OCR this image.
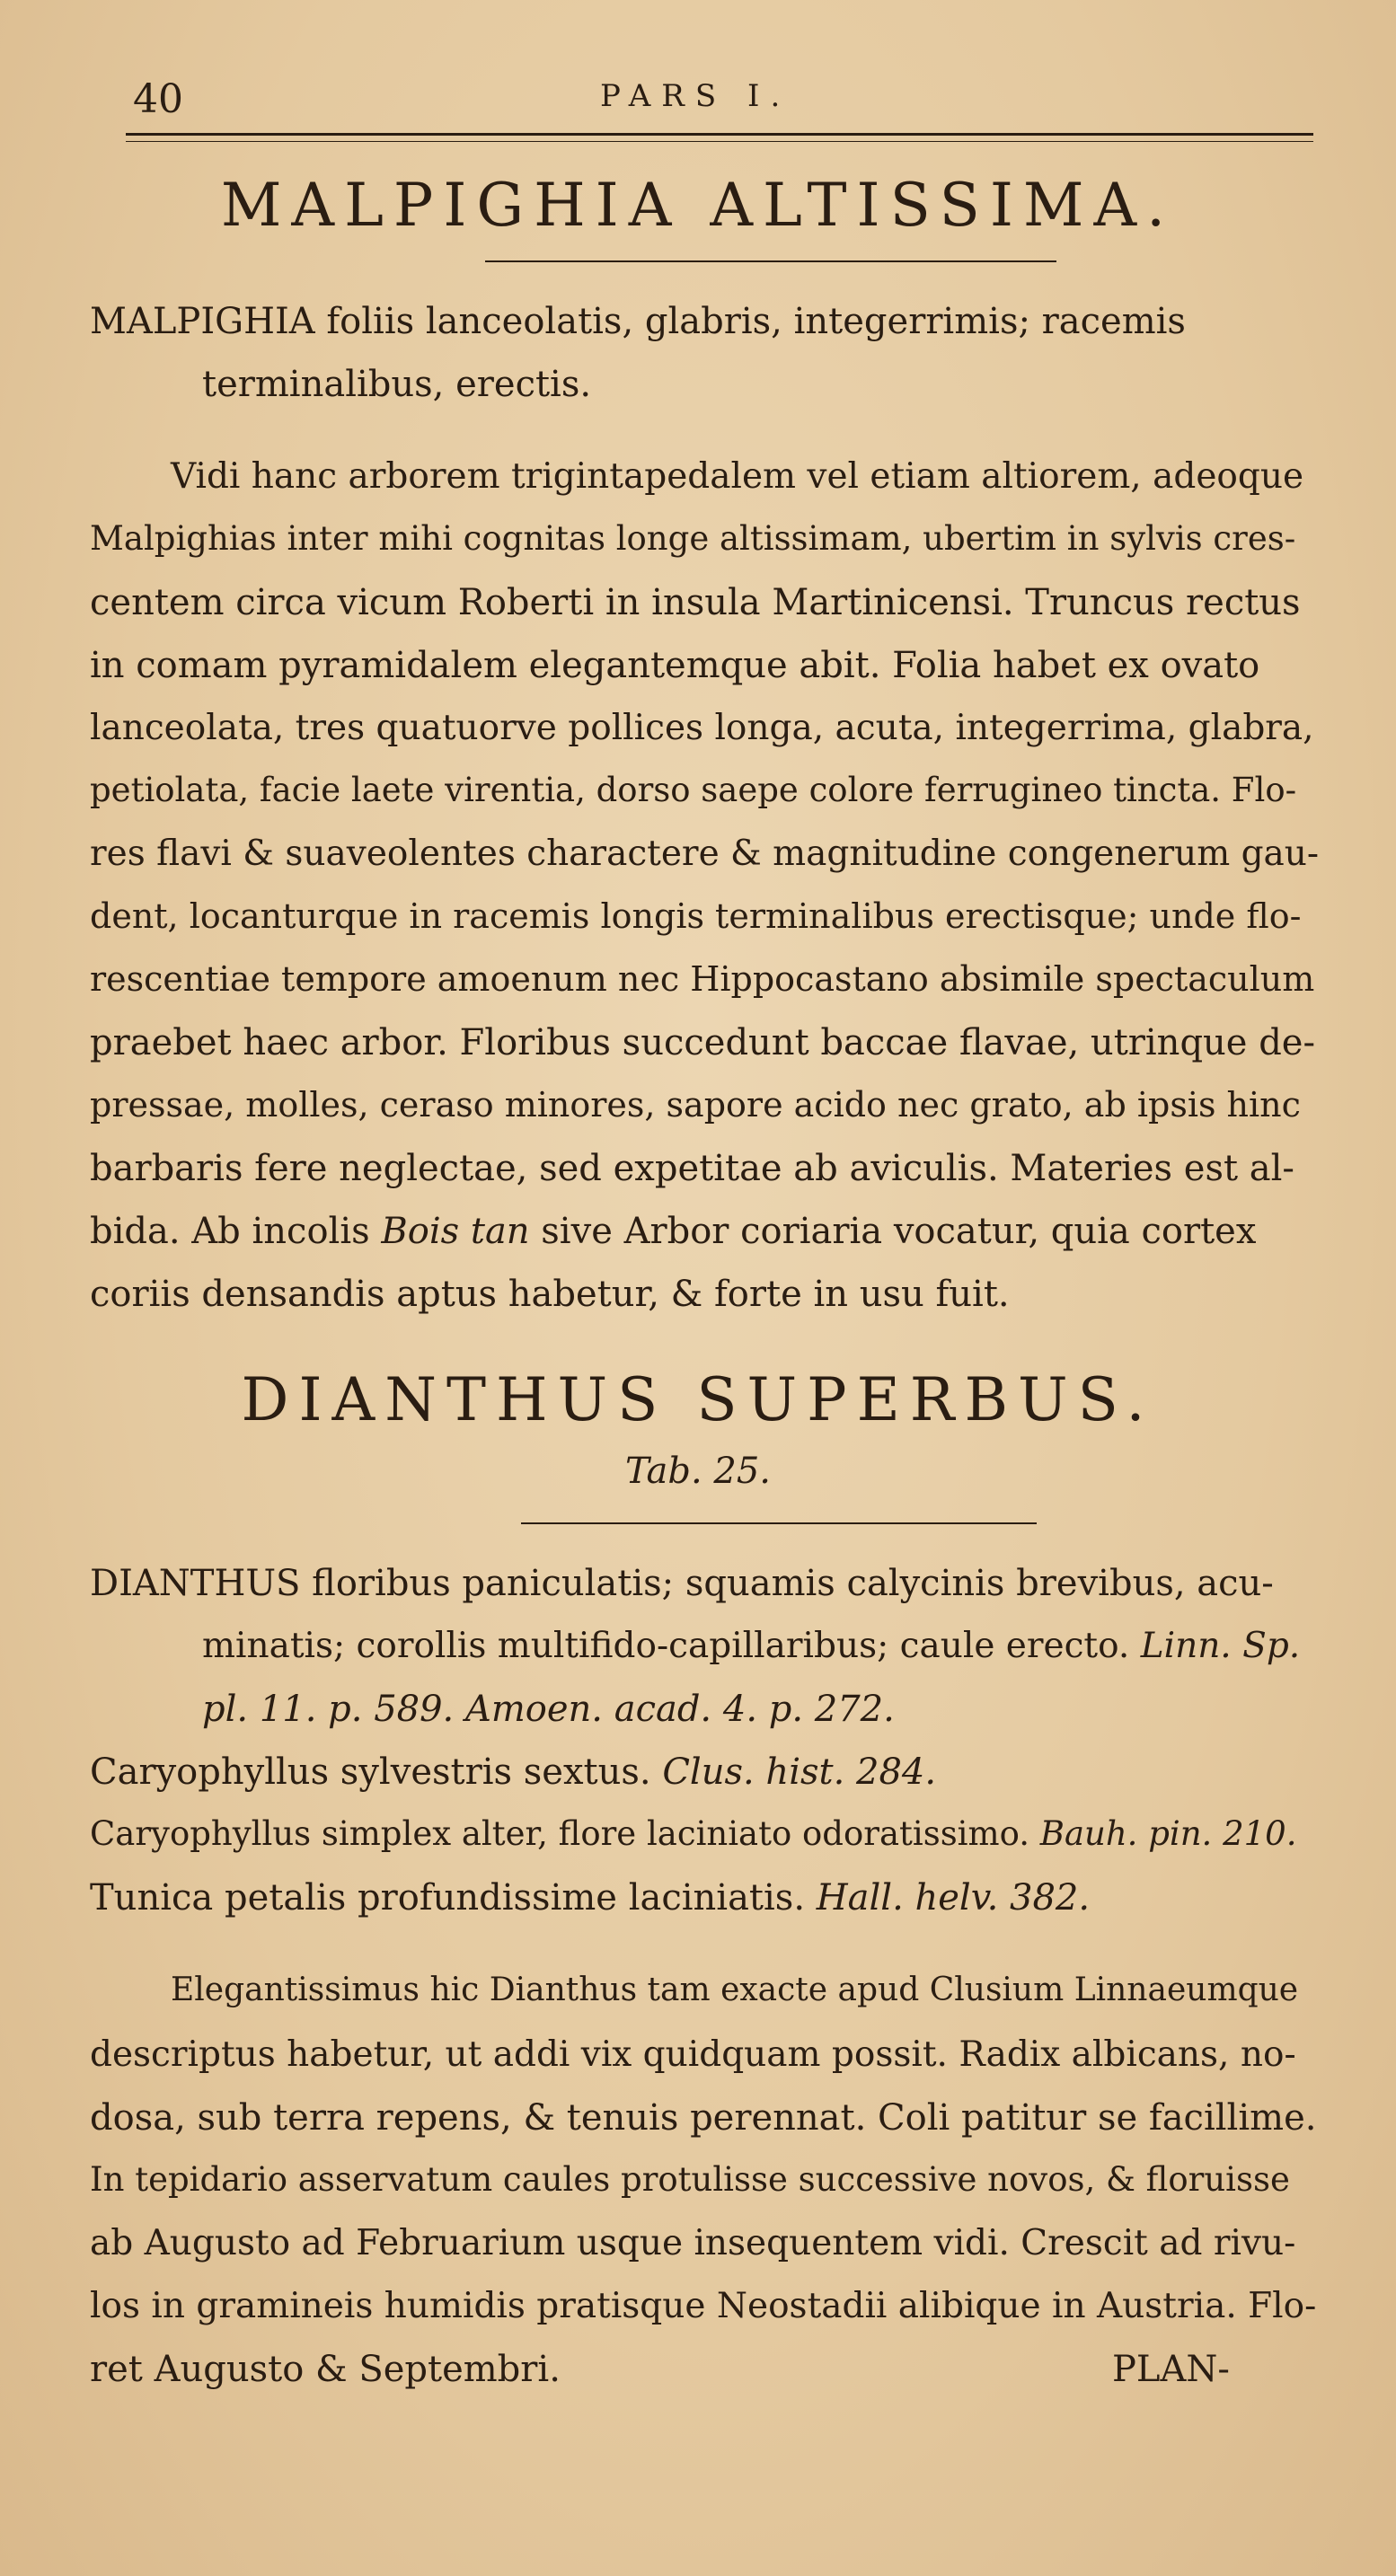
40	PARS I.
MALPIGHIA ALTISSIMA.
MALPIGHIA foliis lanceolatis, glabris, integerrimis; racemis
terminalibus, erectis.
Vidi hanc arborem trigintapedalem vel etiam altiorem, adeoque
Malpighias inter mihi cognitas longe altissimam, ubertim in sylvis cres-
centem circa vicum Roberti in insula Martinicensi. Truncus rectus
in comam pyramidalem elegantemque abit. Folia habet ex ovato
lanceolata, tres quatuorve pollices longa, acuta, integerrima, glabra,
petiolata, facie laete virentia, dorso saepe colore ferrugineo tincta. Flo-
res flavi & suaveolentes charactere & magnitudine congenerum gau-
dent, locanturque in racemis longis terminalibus erectisque; unde flo-
rescentiae tempore amoenum nec Hippocastano absimile spectaculum
praebet haec arbor. Floribus succedunt baccae flavae, utrinque de-
pressae, molles, cerasо minores, sapore acido nec grato, ab ipsis hinc
barbaris fere neglectae, sed expetitae ab aviculis. Materies est al-
bida. Ab incolis Bois tan sive Arbor coriaria vocatur, quia cortex
coriis densandis aptus habetur, & forte in usu fuit.
DIANTHUS SUPERBUS.
Tab. 25.
DIANTHUS floribus paniculatis; squamis calycinis brevibus, acu-
minatis; corollis multifido-capillaribus; caule erecto. Linn. Sp.
pl. 11. p. 589. Amoen. acad. 4. p. 272.
Caryophyllus sylvestris sextus. Clus. hist. 284.
Caryophyllus simplex alter, flore laciniato odoratissimo. Bauh. pin. 210.
Tunica petalis profundissime laciniatis. Hall. helv. 382.
Elegantissimus hic Dianthus tam exacte apud Clusium Linnaeumque
descriptus habetur, ut addi vix quidquam possit. Radix albicans, no-
dosa, sub terra repens, & tenuis perennat. Coli patitur se facillime.
In tepidario asservatum caules protulisse successive novos, & floruisse
ab Augusto ad Februarium usque insequentem vidi. Crescit ad rivu-
los in gramineis humidis pratisque Neostadii alibique in Austria. Flo-
ret Augusto & Septembri.	PLAN-
